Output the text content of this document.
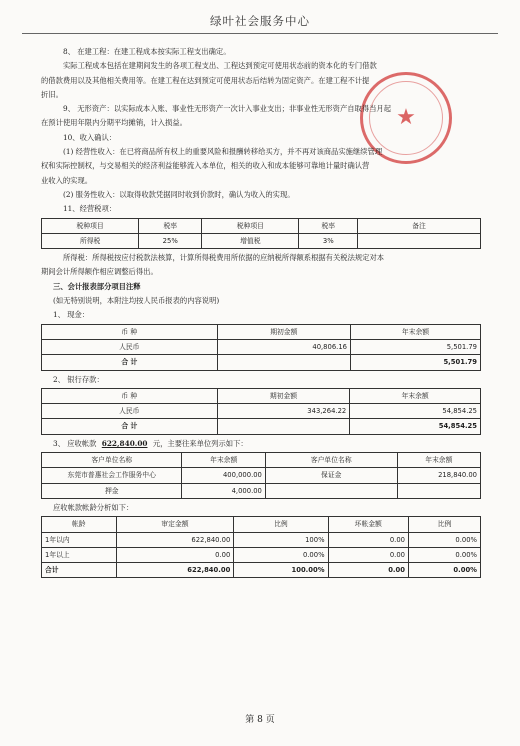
绿叶社会服务中心
★

8、 在建工程：在建工程成本按实际工程支出确定。

实际工程成本包括在建期间发生的各项工程支出、工程达到预定可使用状态前的资本化的专门借款

的借款费用以及其他相关费用等。在建工程在达到预定可使用状态后结转为固定资产。在建工程不计提

折旧。

9、 无形资产：以实际成本入账、事业性无形资产一次计入事业支出；非事业性无形资产自取得当月起

在预计使用年限内分期平均摊销，计入损益。

10、收入确认：

(1) 经营性收入：在已将商品所有权上的重要风险和报酬转移给买方，并不再对该商品实施继续管理

权和实际控制权，与交易相关的经济利益能够流入本单位，相关的收入和成本能够可靠地计量时确认营

业收入的实现。

(2) 服务性收入：以取得收款凭据同时收到价款时，确认为收入的实现。

11、经营税项：

税种项目	税率	税种项目	税率	备注
所得税	25%	增值税	3%	

所得税：所得税按应付税款法核算，计算所得税费用所依据的应纳税所得额系根据有关税法规定对本

期间会计所得额作相应调整后得出。

三、会计报表部分项目注释

(如无特别说明，本附注均按人民币报表的内容说明)

1、 现金：

币 种	期初金额	年末余额
人民币	40,806.16	5,501.79
合 计		5,501.79

2、 银行存款：

币 种	期初金额	年末余额
人民币	343,264.22	54,854.25
合 计		54,854.25

3、 应收帐款 622,840.00 元，主要往来单位列示如下：

客户单位名称	年末余额	客户单位名称	年末余额
东莞市普惠社会工作服务中心	400,000.00	保证金	218,840.00
押金	4,000.00		

应收帐款帐龄分析如下：

帐龄	审定金额	比例	坏帐金额	比例
1年以内	622,840.00	100%	0.00	0.00%
1年以上	0.00	0.00%	0.00	0.00%
合计	622,840.00	100.00%	0.00	0.00%
第 8 页
